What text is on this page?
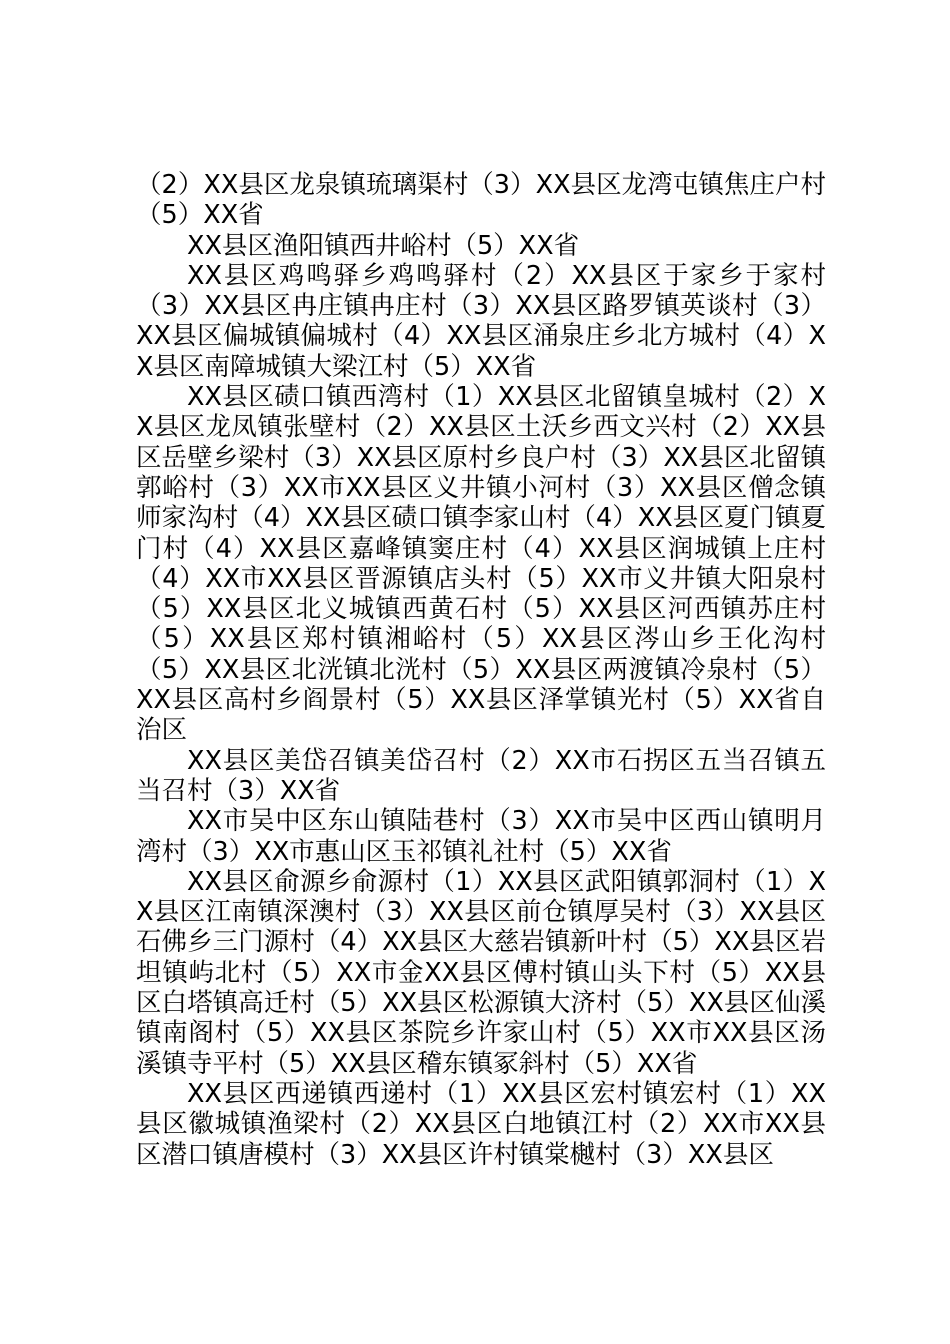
（2）XX县区龙泉镇琉璃渠村（3）XX县区龙湾屯镇焦庄户村（5）XX省

XX县区渔阳镇西井峪村（5）XX省

XX县区鸡鸣驿乡鸡鸣驿村（2）XX县区于家乡于家村（3）XX县区冉庄镇冉庄村（3）XX县区路罗镇英谈村（3）XX县区偏城镇偏城村（4）XX县区涌泉庄乡北方城村（4）XX县区南障城镇大梁江村（5）XX省

XX县区碛口镇西湾村（1）XX县区北留镇皇城村（2）XX县区龙凤镇张壁村（2）XX县区土沃乡西文兴村（2）XX县区岳壁乡梁村（3）XX县区原村乡良户村（3）XX县区北留镇郭峪村（3）XX市XX县区义井镇小河村（3）XX县区僧念镇师家沟村（4）XX县区碛口镇李家山村（4）XX县区夏门镇夏门村（4）XX县区嘉峰镇窦庄村（4）XX县区润城镇上庄村（4）XX市XX县区晋源镇店头村（5）XX市义井镇大阳泉村（5）XX县区北义城镇西黄石村（5）XX县区河西镇苏庄村（5）XX县区郑村镇湘峪村（5）XX县区涔山乡王化沟村（5）XX县区北洸镇北洸村（5）XX县区两渡镇冷泉村（5）XX县区高村乡阎景村（5）XX县区泽掌镇光村（5）XX省自治区

XX县区美岱召镇美岱召村（2）XX市石拐区五当召镇五当召村（3）XX省

XX市吴中区东山镇陆巷村（3）XX市吴中区西山镇明月湾村（3）XX市惠山区玉祁镇礼社村（5）XX省

XX县区俞源乡俞源村（1）XX县区武阳镇郭洞村（1）XX县区江南镇深澳村（3）XX县区前仓镇厚吴村（3）XX县区石佛乡三门源村（4）XX县区大慈岩镇新叶村（5）XX县区岩坦镇屿北村（5）XX市金XX县区傅村镇山头下村（5）XX县区白塔镇高迁村（5）XX县区松源镇大济村（5）XX县区仙溪镇南阁村（5）XX县区茶院乡许家山村（5）XX市XX县区汤溪镇寺平村（5）XX县区稽东镇冢斜村（5）XX省

XX县区西递镇西递村（1）XX县区宏村镇宏村（1）XX县区徽城镇渔梁村（2）XX县区白地镇江村（2）XX市XX县区潜口镇唐模村（3）XX县区许村镇棠樾村（3）XX县区
